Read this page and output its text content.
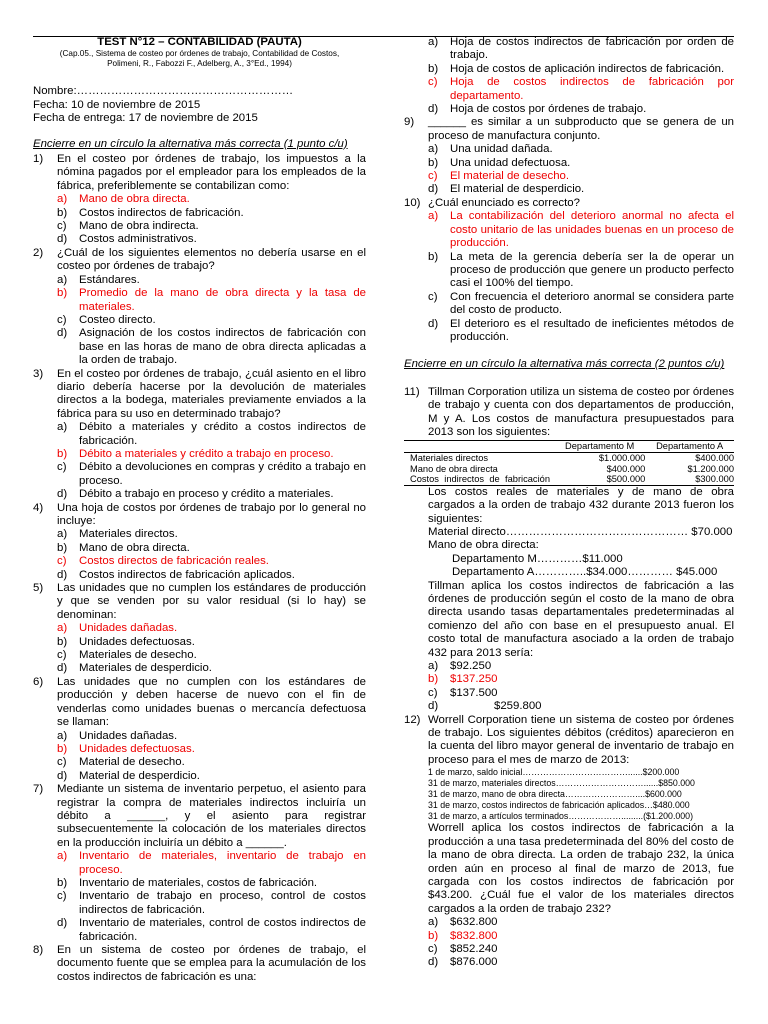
TEST N°12 – CONTABILIDAD (PAUTA)

(Cap.05., Sistema de costeo por órdenes de trabajo, Contabilidad de Costos,

Polimeni, R., Fabozzi F., Adelberg, A., 3°Ed., 1994)

Nombre:…………………………………………………

Fecha: 10 de noviembre de 2015

Fecha de entrega: 17 de noviembre de 2015

Encierre en un círculo la alternativa más correcta (1 punto c/u)

1)	En el costeo por órdenes de trabajo, los impuestos a la nómina pagados por el empleador para los empleados de la fábrica, preferiblemente se contabilizan como:
a)	Mano de obra directa.
b)	Costos indirectos de fabricación.
c)	Mano de obra indirecta.
d)	Costos administrativos.
2)	¿Cuál de los siguientes elementos no debería usarse en el costeo por órdenes de trabajo?
a)	Estándares.
b)	Promedio de la mano de obra directa y la tasa de materiales.
c)	Costeo directo.
d)	Asignación de los costos indirectos de fabricación con base en las horas de mano de obra directa aplicadas a la orden de trabajo.
3)	En el costeo por órdenes de trabajo, ¿cuál asiento en el libro diario debería hacerse por la devolución de materiales directos a la bodega, materiales previamente enviados a la fábrica para su uso en determinado trabajo?
a)	Débito a materiales y crédito a costos indirectos de fabricación.
b)	Débito a materiales y crédito a trabajo en proceso.
c)	Débito a devoluciones en compras y crédito a trabajo en proceso.
d)	Débito a trabajo en proceso y crédito a materiales.
4)	Una hoja de costos por órdenes de trabajo por lo general no incluye:
a)	Materiales directos.
b)	Mano de obra directa.
c)	Costos directos de fabricación reales.
d)	Costos indirectos de fabricación aplicados.
5)	Las unidades que no cumplen los estándares de producción y que se venden por su valor residual (si lo hay) se denominan:
a)	Unidades dañadas.
b)	Unidades defectuosas.
c)	Materiales de desecho.
d)	Materiales de desperdicio.
6)	Las unidades que no cumplen con los estándares de producción y deben hacerse de nuevo con el fin de venderlas como unidades buenas o mercancía defectuosa se llaman:
a)	Unidades dañadas.
b)	Unidades defectuosas.
c)	Material de desecho.
d)	Material de desperdicio.
7)	Mediante un sistema de inventario perpetuo, el asiento para registrar la compra de materiales indirectos incluiría un débito a ______, y el asiento para registrar subsecuentemente la colocación de los materiales directos en la producción incluiría un débito a ______.
a)	Inventario de materiales, inventario de trabajo en proceso.
b)	Inventario de materiales, costos de fabricación.
c)	Inventario de trabajo en proceso, control de costos indirectos de fabricación.
d)	Inventario de materiales, control de costos indirectos de fabricación.
8)	En un sistema de costeo por órdenes de trabajo, el documento fuente que se emplea para la acumulación de los costos indirectos de fabricación es una:
a)	Hoja de costos indirectos de fabricación por orden de trabajo.
b)	Hoja de costos de aplicación indirectos de fabricación.
c)	Hoja de costos indirectos de fabricación por departamento.
d)	Hoja de costos por órdenes de trabajo.
9)	______ es similar a un subproducto que se genera de un proceso de manufactura conjunto.
a)	Una unidad dañada.
b)	Una unidad defectuosa.
c)	El material de desecho.
d)	El material de desperdicio.
10) ¿Cuál enunciado es correcto?
a)	La contabilización del deterioro anormal no afecta el costo unitario de las unidades buenas en un proceso de producción.
b)	La meta de la gerencia debería ser la de operar un proceso de producción que genere un producto perfecto casi el 100% del tiempo.
c)	Con frecuencia el deterioro anormal se considera parte del costo de producto.
d)	El deterioro es el resultado de ineficientes métodos de producción.

Encierre en un círculo la alternativa más correcta (2 puntos c/u)

11) Tillman Corporation utiliza un sistema de costeo por órdenes de trabajo y cuenta con dos departamentos de producción, M y A. Los costos de manufactura presupuestados para 2013 son los siguientes:
	Departamento M	Departamento A
Materiales directos	$1.000.000	$400.000
Mano de obra directa	$400.000	$1.200.000

Costos indirectos de fabricación	$500.000	$300.000
Los costos reales de materiales y de mano de obra cargados a la orden de trabajo 432 durante 2013 fueron los siguientes:
Material directo………………………………………… $70.000
Mano de obra directa:
Departamento M…………$11.000
Departamento A…………..$34.000………… $45.000
Tillman aplica los costos indirectos de fabricación a las órdenes de producción según el costo de la mano de obra directa usando tasas departamentales predeterminadas al comienzo del año con base en el presupuesto anual. El costo total de manufactura asociado a la orden de trabajo 432 para 2013 sería:
a)	$92.250
b)	$137.250
c)	$137.500
d)	$259.800
12) Worrell Corporation tiene un sistema de costeo por órdenes de trabajo. Los siguientes débitos (créditos) aparecieron en la cuenta del libro mayor general de inventario de trabajo en proceso para el mes de marzo de 2013:
1 de marzo, saldo inicial………………………………......$200.000
31 de marzo, materiales directos…………………………......$850.000
31 de marzo, mano de obra directa……………………....$600.000
31 de marzo, costos indirectos de fabricación aplicados…$480.000
31 de marzo, a artículos terminados……………….........($1.200.000)
Worrell aplica los costos indirectos de fabricación a la producción a una tasa predeterminada del 80% del costo de la mano de obra directa. La orden de trabajo 232, la única orden aún en proceso al final de marzo de 2013, fue cargada con los costos indirectos de fabricación por $43.200. ¿Cuál fue el valor de los materiales directos cargados a la orden de trabajo 232?
a)	$632.800
b)	$832.800
c)	$852.240
d)	$876.000
